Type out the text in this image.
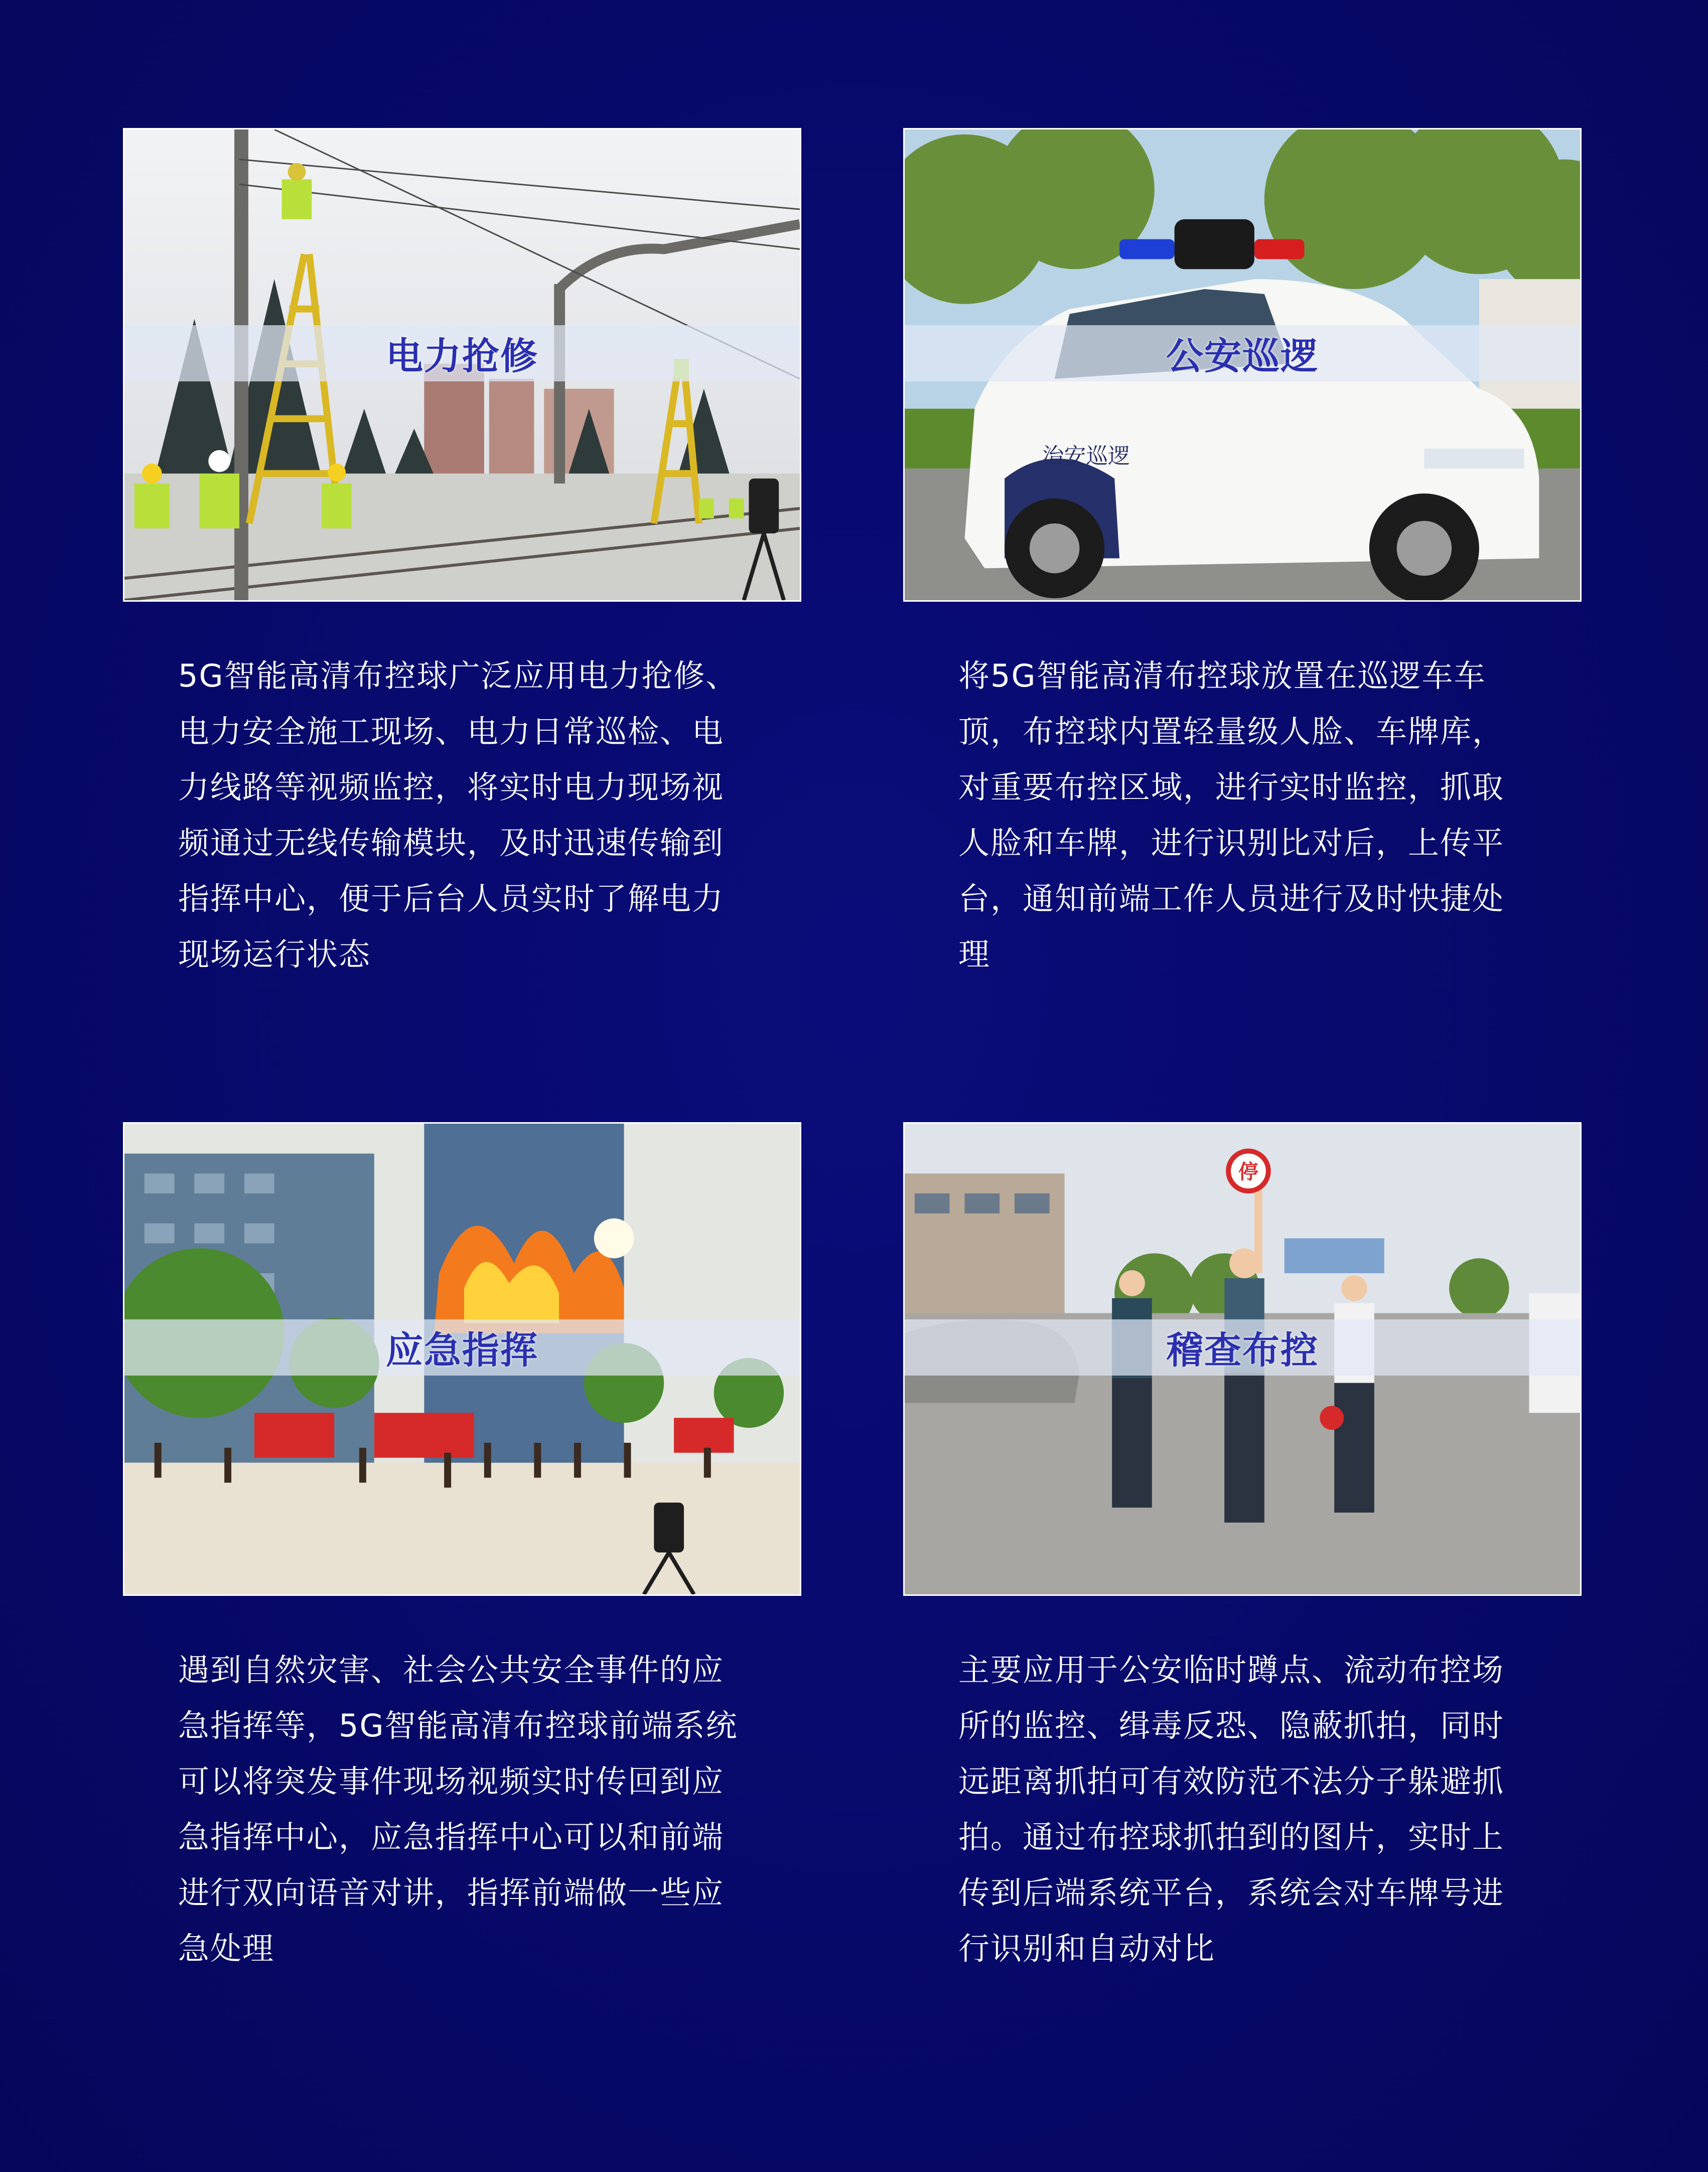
电力抢修
5G智能高清布控球广泛应用电力抢修、电力安全施工现场、电力日常巡检、电力线路等视频监控，将实时电力现场视频通过无线传输模块，及时迅速传输到指挥中心，便于后台人员实时了解电力现场运行状态
治安巡逻
公安巡逻
将5G智能高清布控球放置在巡逻车车顶，布控球内置轻量级人脸、车牌库，对重要布控区域，进行实时监控，抓取人脸和车牌，进行识别比对后，上传平台，通知前端工作人员进行及时快捷处理
应急指挥
遇到自然灾害、社会公共安全事件的应急指挥等，5G智能高清布控球前端系统可以将突发事件现场视频实时传回到应急指挥中心，应急指挥中心可以和前端进行双向语音对讲，指挥前端做一些应急处理
停
稽查布控
主要应用于公安临时蹲点、流动布控场所的监控、缉毒反恐、隐蔽抓拍，同时远距离抓拍可有效防范不法分子躲避抓拍。通过布控球抓拍到的图片，实时上传到后端系统平台，系统会对车牌号进行识别和自动对比
